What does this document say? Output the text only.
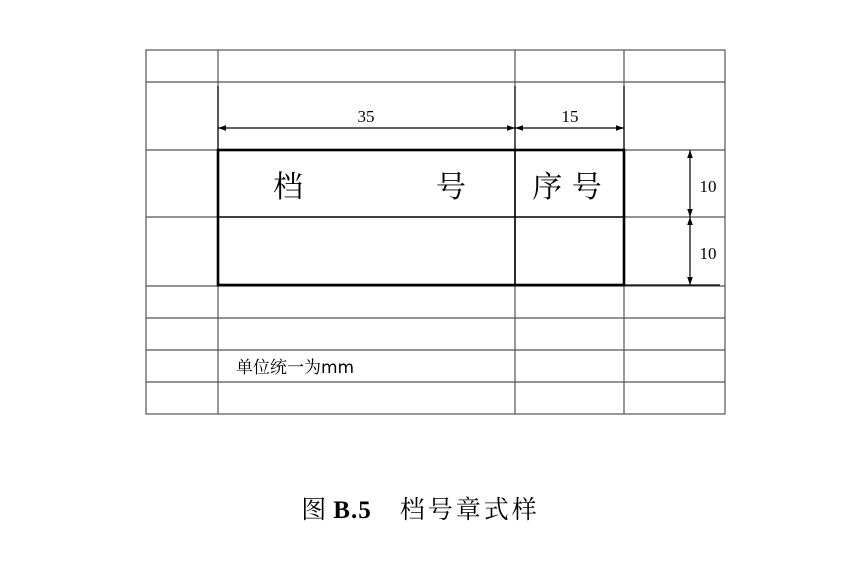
档	号 序 号
35	15
10
10
单位统一为mm
图 B.5 档号章式样
